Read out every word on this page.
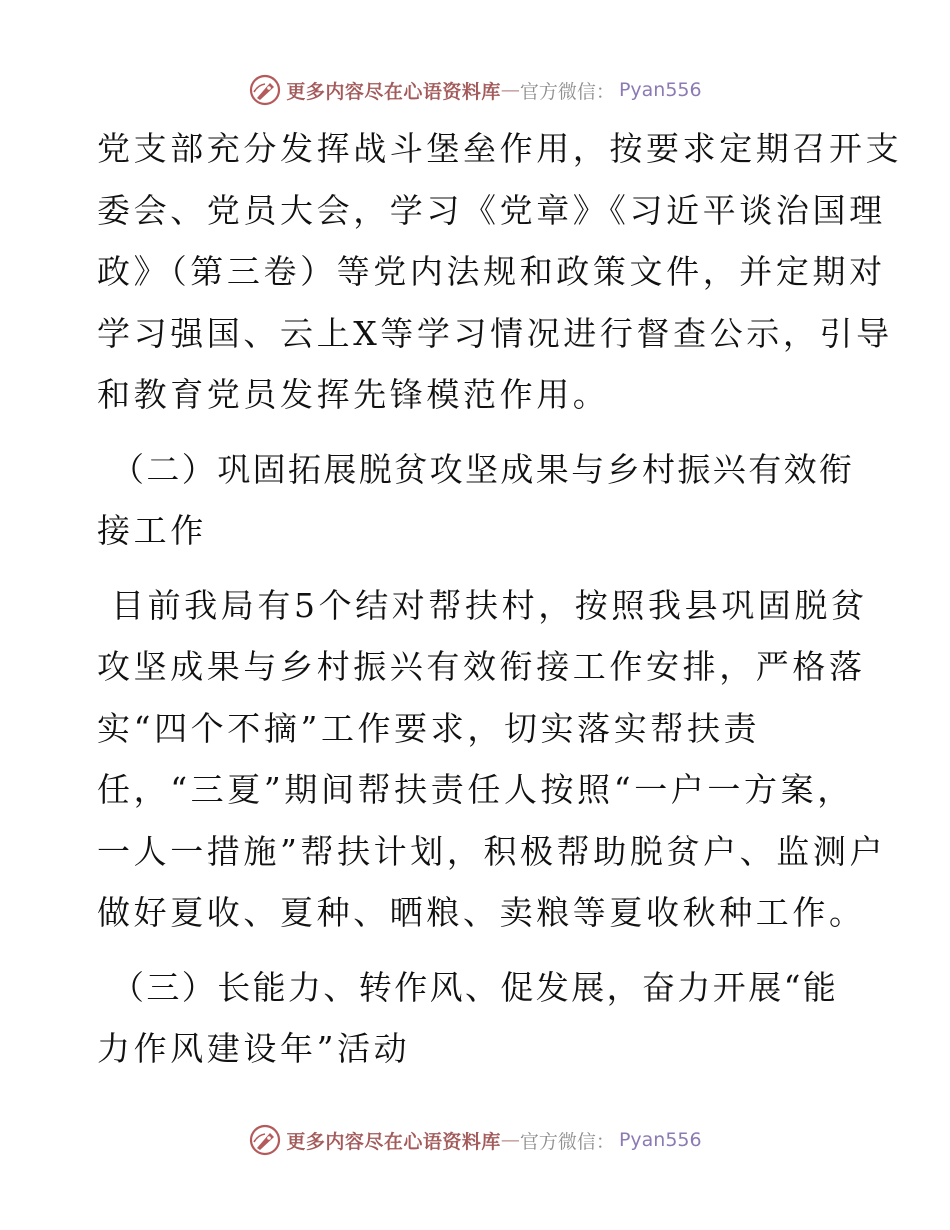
更多内容尽在心语资料库 — 官方微信： Pyan556
党支部充分发挥战斗堡垒作用，按要求定期召开支
委会、党员大会，学习《党章》《习近平谈治国理
政》（第三卷）等党内法规和政策文件，并定期对
学习强国、云上X等学习情况进行督查公示，引导
和教育党员发挥先锋模范作用。
（二）巩固拓展脱贫攻坚成果与乡村振兴有效衔
接工作
目前我局有5个结对帮扶村，按照我县巩固脱贫
攻坚成果与乡村振兴有效衔接工作安排，严格落
实“四个不摘”工作要求，切实落实帮扶责
任，“三夏”期间帮扶责任人按照“一户一方案，
一人一措施”帮扶计划，积极帮助脱贫户、监测户
做好夏收、夏种、晒粮、卖粮等夏收秋种工作。
（三）长能力、转作风、促发展，奋力开展“能
力作风建设年”活动
更多内容尽在心语资料库 — 官方微信： Pyan556
